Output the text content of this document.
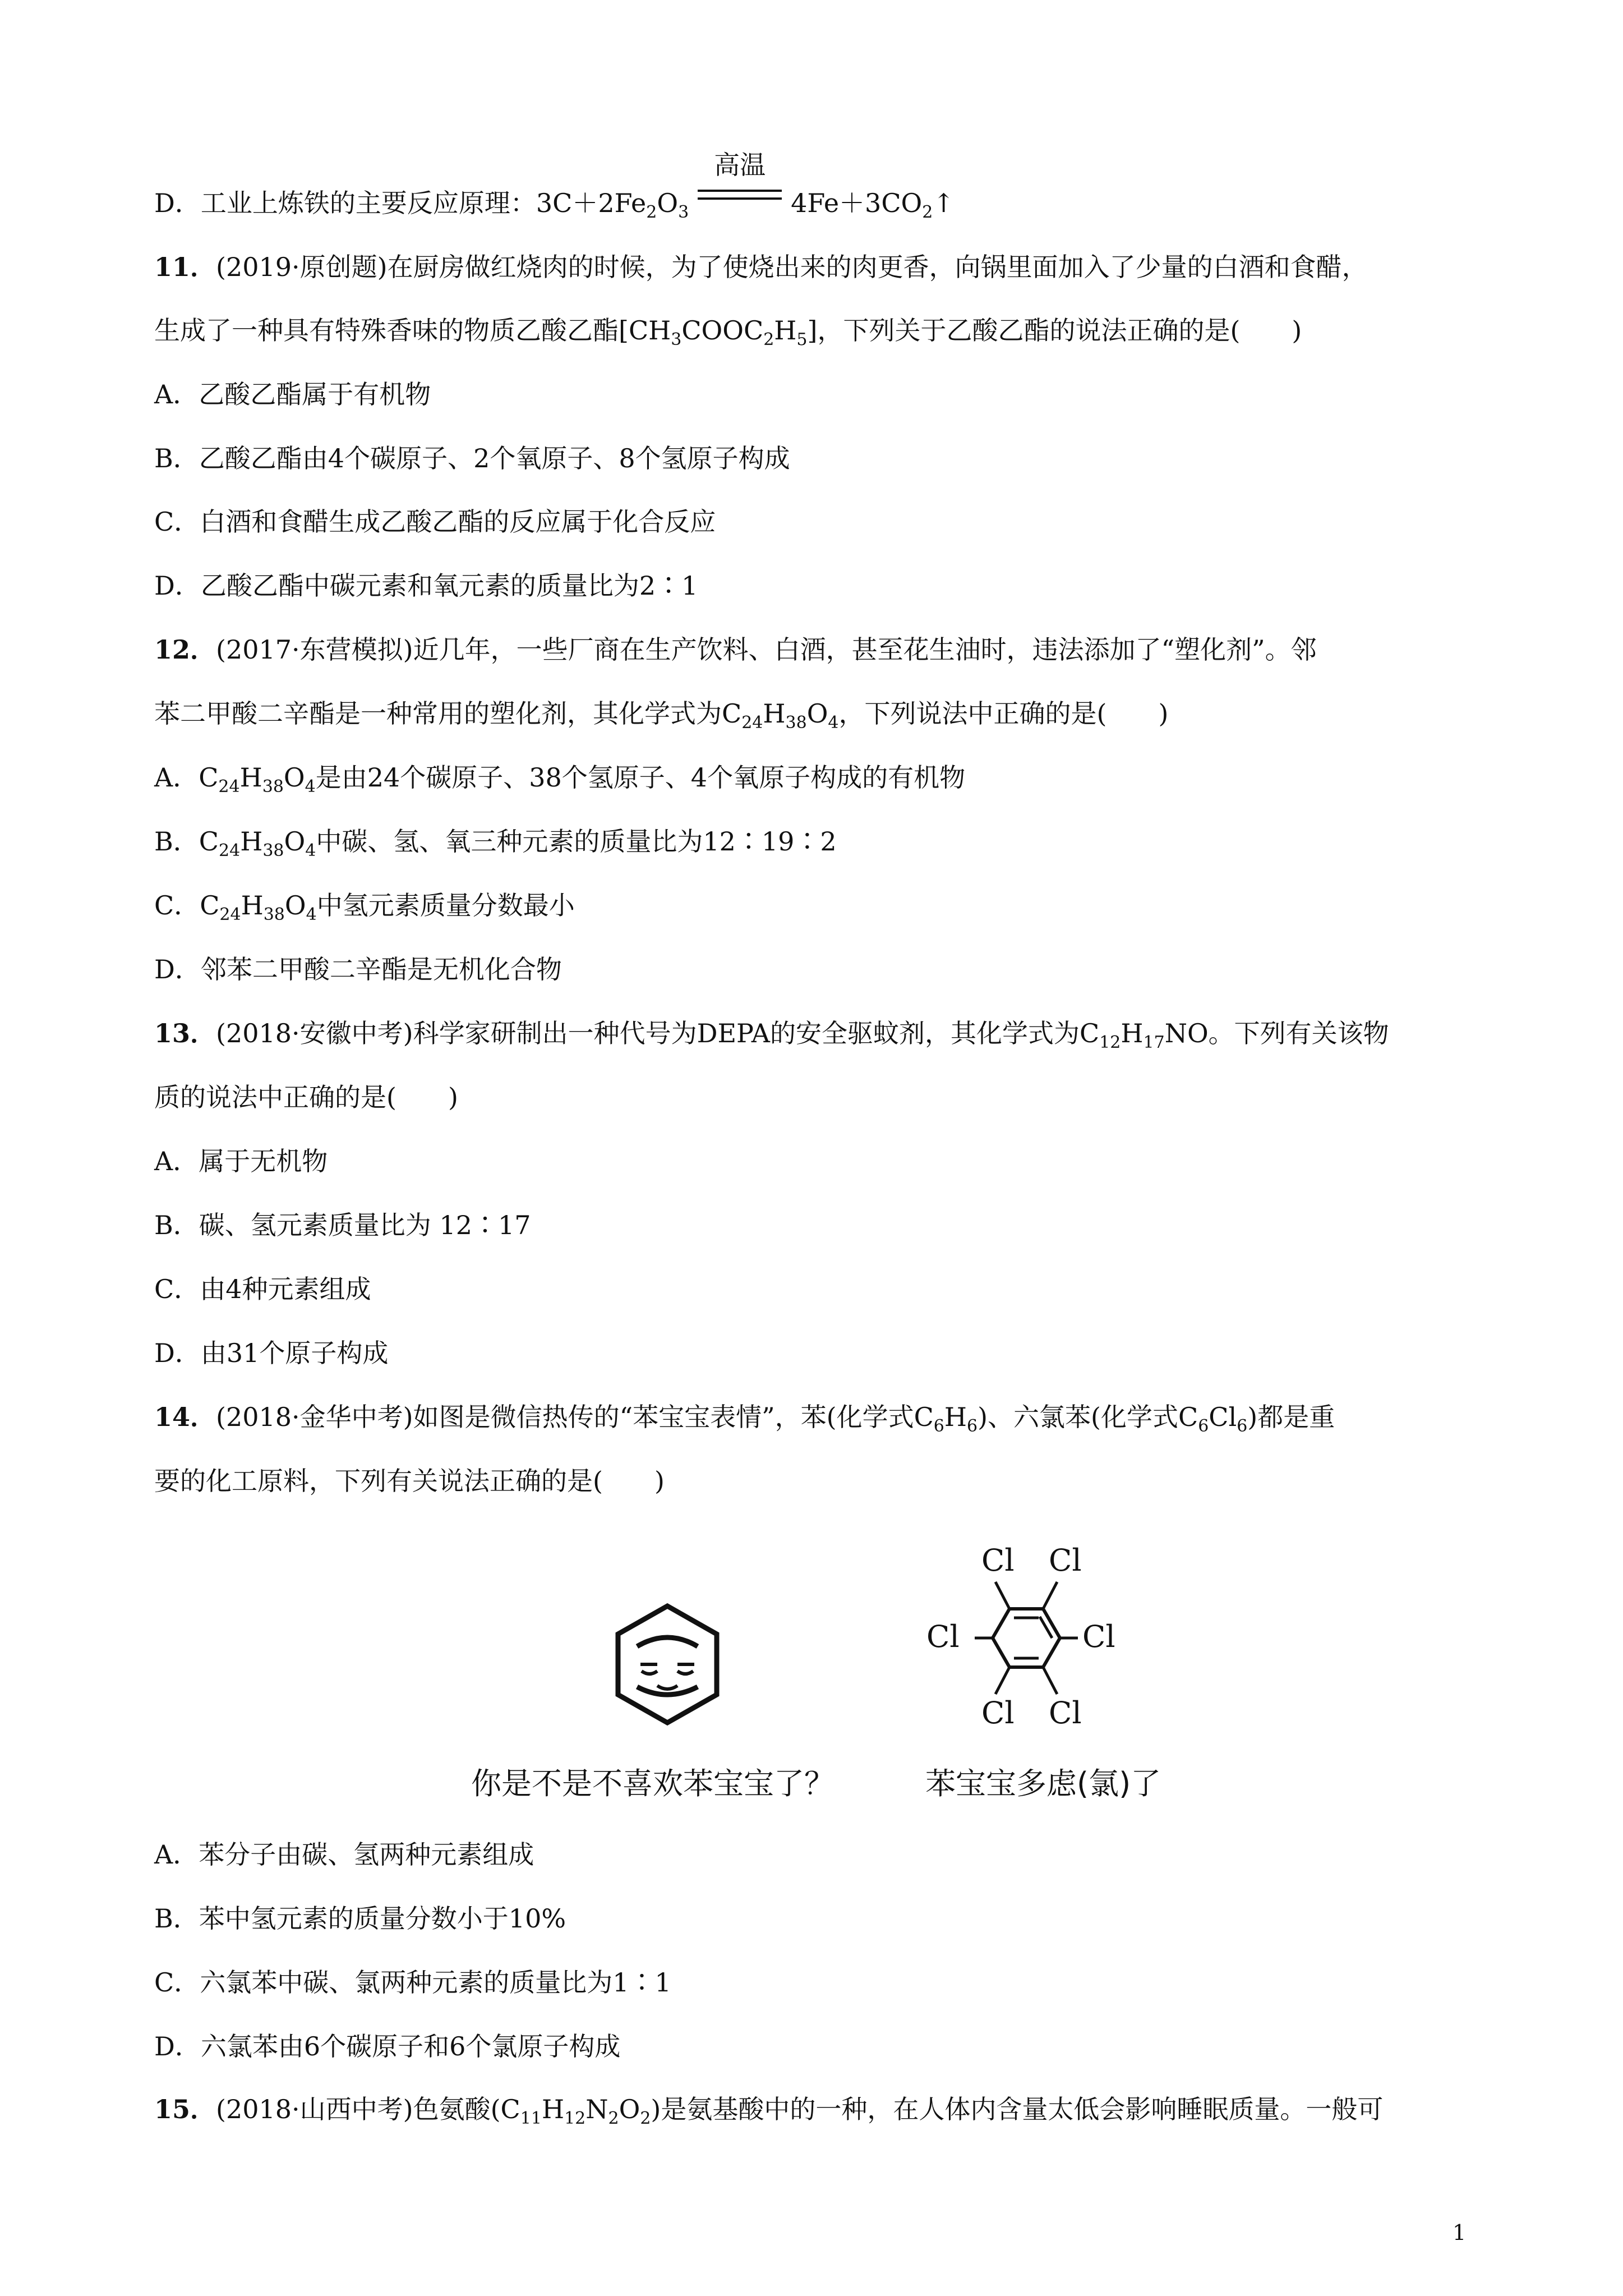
D．工业上炼铁的主要反应原理：$3C+2Fe_2O_3$
高温
$4Fe+3CO_2↑$
11．(2019·原创题)在厨房做红烧肉的时候，为了使烧出来的肉更香，向锅里面加入了少量的白酒和食醋，
生成了一种具有特殊香味的物质乙酸乙酯$[CH_3COOC_2H_5]$，下列关于乙酸乙酯的说法正确的是(　　)
A．乙酸乙酯属于有机物
B．乙酸乙酯由4个碳原子、2个氧原子、8个氢原子构成
C．白酒和食醋生成乙酸乙酯的反应属于化合反应
D．乙酸乙酯中碳元素和氧元素的质量比为2∶1
12．(2017·东营模拟)近几年，一些厂商在生产饮料、白酒，甚至花生油时，违法添加了“塑化剂”。邻
苯二甲酸二辛酯是一种常用的塑化剂，其化学式为$C_{24}H_{38}O_4$，下列说法中正确的是(　　)
A．$C_{24}H_{38}O_4$是由24个碳原子、38个氢原子、4个氧原子构成的有机物
B．$C_{24}H_{38}O_4$中碳、氢、氧三种元素的质量比为12∶19∶2
C．$C_{24}H_{38}O_4$中氢元素质量分数最小
D．邻苯二甲酸二辛酯是无机化合物
13．(2018·安徽中考)科学家研制出一种代号为DEPA的安全驱蚊剂，其化学式为$C_{12}H_{17}NO$。下列有关该物
质的说法中正确的是(　　)
A．属于无机物
B．碳、氢元素质量比为 12∶17
C．由4种元素组成
D．由31个原子构成
14．(2018·金华中考)如图是微信热传的“苯宝宝表情”，苯(化学式$C_6H_6$)、六氯苯(化学式$C_6Cl_6$)都是重
要的化工原料，下列有关说法正确的是(　　)
Cl Cl
Cl	Cl
Cl Cl
你是不是不喜欢苯宝宝了？	苯宝宝多虑(氯)了
A．苯分子由碳、氢两种元素组成
B．苯中氢元素的质量分数小于10%
C．六氯苯中碳、氯两种元素的质量比为1∶1
D．六氯苯由6个碳原子和6个氯原子构成
15．(2018·山西中考)色氨酸$(C_{11}H_{12}N_2O_2)$是氨基酸中的一种，在人体内含量太低会影响睡眠质量。一般可
1
